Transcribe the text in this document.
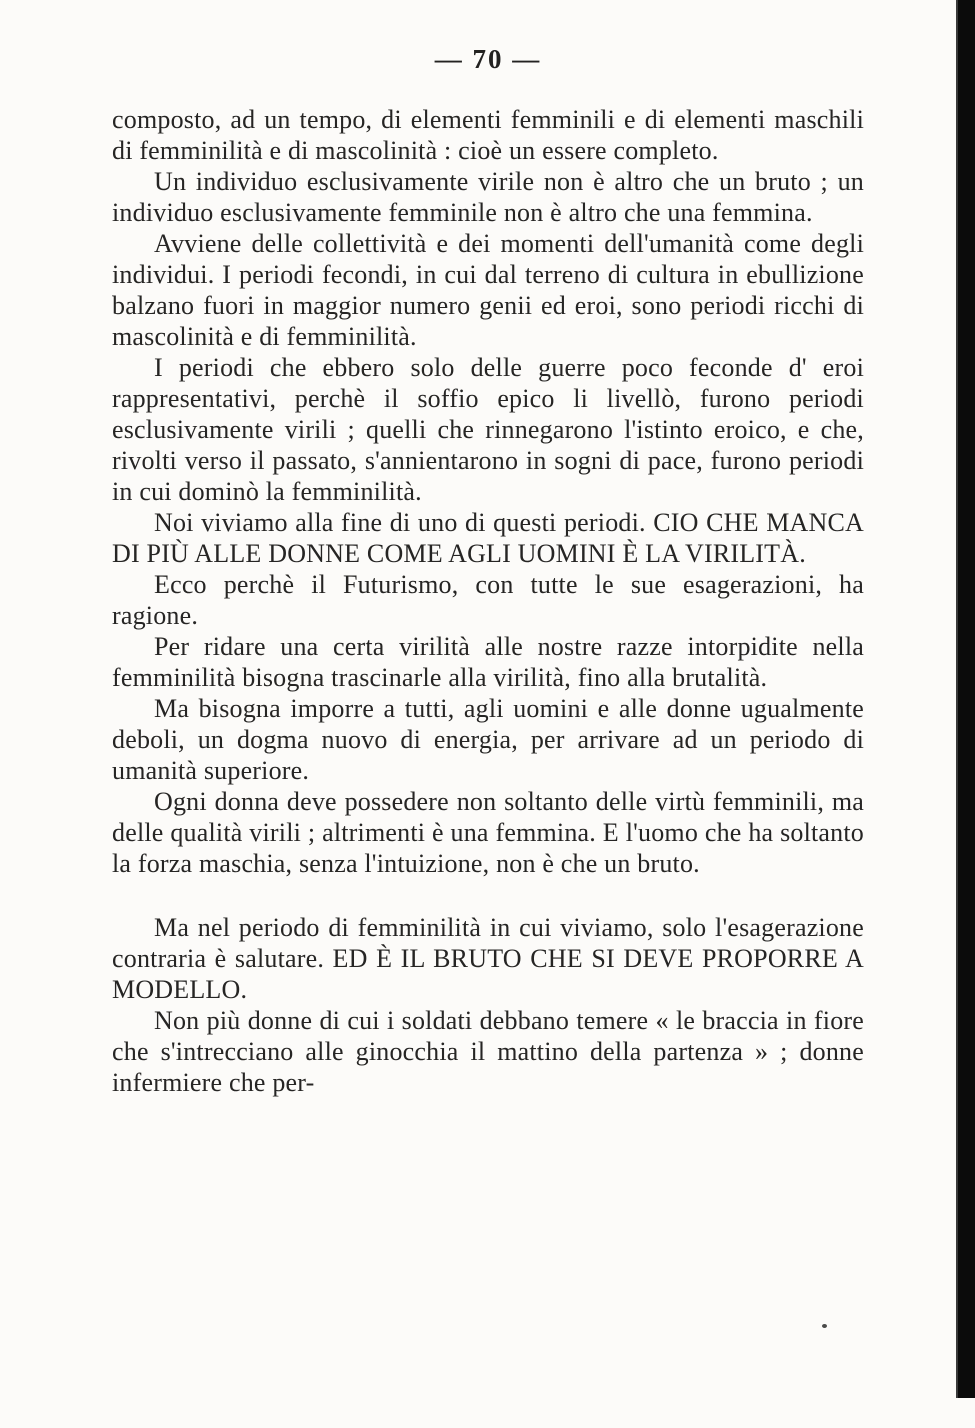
— 70 —

composto, ad un tempo, di elementi femminili e di elementi maschili di femminilità e di mascolinità : cioè un essere completo.

Un individuo esclusivamente virile non è altro che un bruto ; un individuo esclusivamente femminile non è altro che una femmina.

Avviene delle collettività e dei momenti dell'umanità come degli individui. I periodi fecondi, in cui dal terreno di cultura in ebullizione balzano fuori in maggior numero genii ed eroi, sono periodi ricchi di mascolinità e di femminilità.

I periodi che ebbero solo delle guerre poco feconde d' eroi rappresentativi, perchè il soffio epico li livellò, furono periodi esclusivamente virili ; quelli che rinnegarono l'istinto eroico, e che, rivolti verso il passato, s'annientarono in sogni di pace, furono periodi in cui dominò la femminilità.

Noi viviamo alla fine di uno di questi periodi. CIO CHE MANCA DI PIÙ ALLE DONNE COME AGLI UOMINI È LA VIRILITÀ.

Ecco perchè il Futurismo, con tutte le sue esagerazioni, ha ragione.

Per ridare una certa virilità alle nostre razze intorpidite nella femminilità bisogna trascinarle alla virilità, fino alla brutalità.

Ma bisogna imporre a tutti, agli uomini e alle donne ugualmente deboli, un dogma nuovo di energia, per arrivare ad un periodo di umanità superiore.

Ogni donna deve possedere non soltanto delle virtù femminili, ma delle qualità virili ; altrimenti è una femmina. E l'uomo che ha soltanto la forza maschia, senza l'intuizione, non è che un bruto.

Ma nel periodo di femminilità in cui viviamo, solo l'esagerazione contraria è salutare. ED È IL BRUTO CHE SI DEVE PROPORRE A MODELLO.

Non più donne di cui i soldati debbano temere « le braccia in fiore che s'intrecciano alle ginocchia il mattino della partenza » ; donne infermiere che per-
